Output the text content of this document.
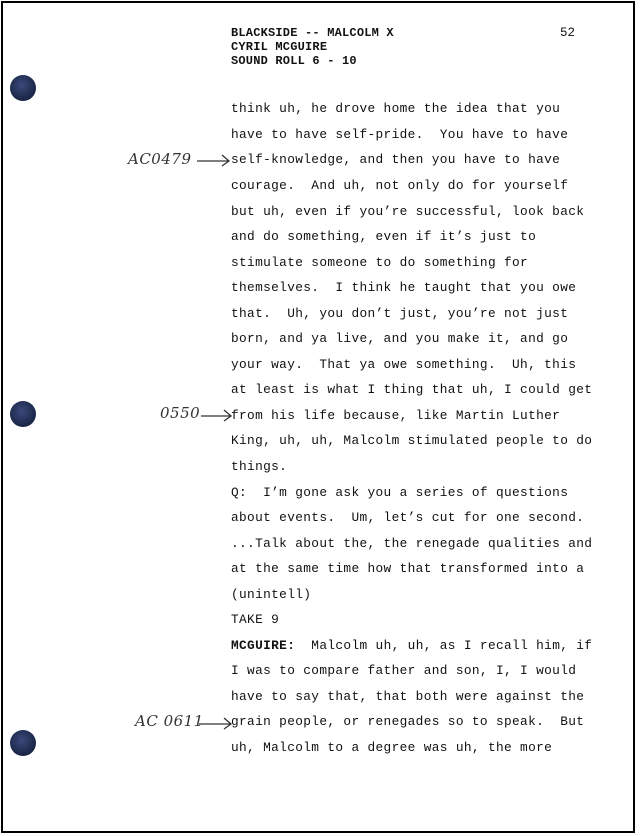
BLACKSIDE -- MALCOLM X
CYRIL MCGUIRE
SOUND ROLL 6 - 10
52
AC0479
0550
AC 0611
think uh, he drove home the idea that you
have to have self-pride.  You have to have
self-knowledge, and then you have to have
courage.  And uh, not only do for yourself
but uh, even if you’re successful, look back
and do something, even if it’s just to
stimulate someone to do something for
themselves.  I think he taught that you owe
that.  Uh, you don’t just, you’re not just
born, and ya live, and you make it, and go
your way.  That ya owe something.  Uh, this
at least is what I thing that uh, I could get
from his life because, like Martin Luther
King, uh, uh, Malcolm stimulated people to do
things.
Q:  I’m gone ask you a series of questions
about events.  Um, let’s cut for one second.
...Talk about the, the renegade qualities and
at the same time how that transformed into a
(unintell)
TAKE 9
MCGUIRE:  Malcolm uh, uh, as I recall him, if
I was to compare father and son, I, I would
have to say that, that both were against the
grain people, or renegades so to speak.  But
uh, Malcolm to a degree was uh, the more
